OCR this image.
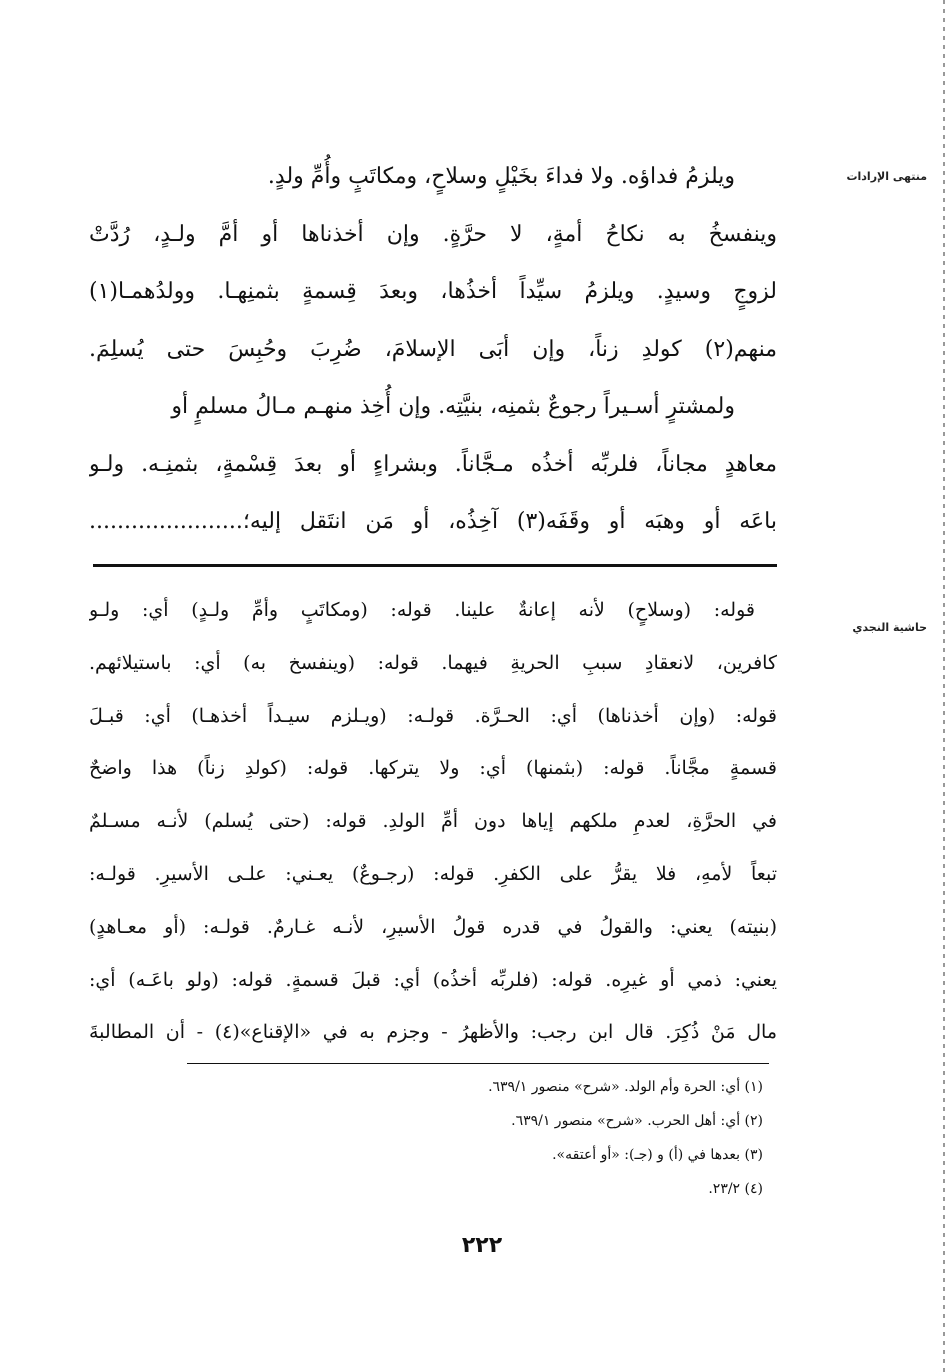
منتهى الإرادات
حاشية النجدي
ويلزمُ فداؤه. ولا فداءَ بخَيْلٍ وسلاحٍ، ومكاتَبٍ وأُمِّ ولدٍ.
وينفسخُ به نكاحُ أمةٍ، لا حرَّةٍ. وإن أخذناها أو أمَّ ولـدٍ، رُدَّتْ
لزوجٍ وسيدٍ. ويلزمُ سيِّداً أخذُها، وبعدَ قِسمةٍ بثمنِهـا. وولدُهمـا(١)
منهم(٢) كولدِ زناً، وإن أبَى الإسلامَ، ضُرِبَ وحُبِسَ حتى يُسلِمَ.
ولمشترٍ أسـيراً رجوعٌ بثمنِه، بنيَّتِه. وإن أُخِذ منهـم مـالُ مسلمٍ أو
معاهدٍ مجاناً، فلربِّه أخذُه مـجَّاناً. وبشراءٍ أو بعدَ قِسْمةٍ، بثمنِـه. ولـو
باعَه أو وهبَه أو وقَفَه(٣) آخِذُه، أو مَن انتَقل إليه؛......................
قوله: (وسلاحٍ) لأنه إعانةٌ علينا. قوله: (ومكاتَبٍ وأمِّ ولـدٍ) أي: ولـو
كافرين، لانعقادِ سببِ الحريةِ فيهما. قوله: (وينفسخ به) أي: باستيلائهم.
قوله: (وإن أخذناها) أي: الحـرَّة. قولـه: (ويـلزم سيـداً أخذهـا) أي: قبـلَ
قسمةٍ مجَّاناً. قوله: (بثمنها) أي: ولا يتركها. قوله: (كولدِ زناً) هذا واضحٌ
في الحرَّةِ، لعدمِ ملكهم إياها دون أمِّ الولدِ. قوله: (حتى يُسلم) لأنـه مسـلمٌ
تبعاً لأمهِ، فلا يقرُّ على الكفرِ. قوله: (رجـوعٌ) يعـني: علـى الأسيرِ. قولـه:
(بنيته) يعني: والقولُ في قدره قولُ الأسيرِ، لأنـه غـارمٌ. قولـه: (أو معـاهدٍ)
يعني: ذمي أو غيرِه. قوله: (فلربِّه أخذُه) أي: قبلَ قسمةٍ. قوله: (ولو باعَـه) أي:
مال مَنْ ذُكِرَ. قال ابن رجب: والأظهرُ - وجزم به في «الإقناع»(٤) - أن المطالبةَ
(١) أي: الحرة وأم الولد. «شرح» منصور ٦٣٩/١.
(٢) أي: أهل الحرب. «شرح» منصور ٦٣٩/١.
(٣) بعدها في (أ) و (جـ): «أو أعتقه».
(٤) ٢٣/٢.
٢٢٢
